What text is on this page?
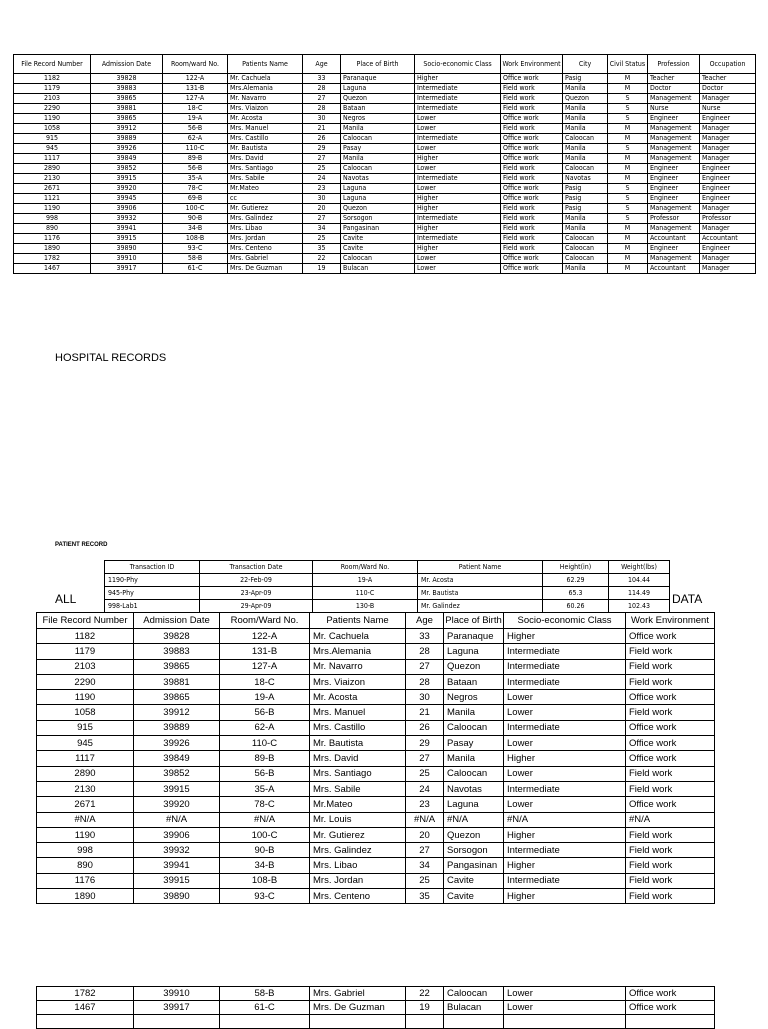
File Record Number	Admission Date	Room/ward No.	Patients Name	Age	Place of Birth	Socio-economic Class	Work Environment	City	Civil Status	Profession	Occupation
1182	39828	122-A	Mr. Cachuela	33	Paranaque	Higher	Office work	Pasig	M	Teacher	Teacher
1179	39883	131-B	Mrs.Alemania	28	Laguna	Intermediate	Field work	Manila	M	Doctor	Doctor
2103	39865	127-A	Mr. Navarro	27	Quezon	Intermediate	Field work	Quezon	S	Management	Manager
2290	39881	18-C	Mrs. Viaizon	28	Bataan	Intermediate	Field work	Manila	S	Nurse	Nurse
1190	39865	19-A	Mr. Acosta	30	Negros	Lower	Office work	Manila	S	Engineer	Engineer
1058	39912	56-B	Mrs. Manuel	21	Manila	Lower	Field work	Manila	M	Management	Manager
915	39889	62-A	Mrs. Castillo	26	Caloocan	Intermediate	Office work	Caloocan	M	Management	Manager
945	39926	110-C	Mr. Bautista	29	Pasay	Lower	Office work	Manila	S	Management	Manager
1117	39849	89-B	Mrs. David	27	Manila	Higher	Office work	Manila	M	Management	Manager
2890	39852	56-B	Mrs. Santiago	25	Caloocan	Lower	Field work	Caloocan	M	Engineer	Engineer
2130	39915	35-A	Mrs. Sabile	24	Navotas	Intermediate	Field work	Navotas	M	Engineer	Engineer
2671	39920	78-C	Mr.Mateo	23	Laguna	Lower	Office work	Pasig	S	Engineer	Engineer
1121	39945	69-B	cc	30	Laguna	Higher	Office work	Pasig	S	Engineer	Engineer
1190	39906	100-C	Mr. Gutierez	20	Quezon	Higher	Field work	Pasig	S	Management	Manager
998	39932	90-B	Mrs. Galindez	27	Sorsogon	Intermediate	Field work	Manila	S	Professor	Professor
890	39941	34-B	Mrs. Libao	34	Pangasinan	Higher	Field work	Manila	M	Management	Manager
1176	39915	108-B	Mrs. Jordan	25	Cavite	Intermediate	Field work	Caloocan	M	Accountant	Accountant
1890	39890	93-C	Mrs. Centeno	35	Cavite	Higher	Field work	Caloocan	M	Engineer	Engineer
1782	39910	58-B	Mrs. Gabriel	22	Caloocan	Lower	Office work	Caloocan	M	Management	Manager
1467	39917	61-C	Mrs. De Guzman	19	Bulacan	Lower	Office work	Manila	M	Accountant	Manager
HOSPITAL RECORDS
PATIENT RECORD
Transaction ID	Transaction Date	Room/Ward No.	Patient Name	Height(in)	Weight(lbs)
1190-Phy	22-Feb-09	19-A	Mr. Acosta	62.29	104.44
945-Phy	23-Apr-09	110-C	Mr. Bautista	65.3	114.49
998-Lab1	29-Apr-09	130-B	Mr. Galindez	60.26	102.43
ALL	DATA
File Record Number	Admission Date	Room/Ward No.	Patients Name	Age	Place of Birth	Socio-economic Class	Work Environment
1182	39828	122-A	Mr. Cachuela	33	Paranaque	Higher	Office work
1179	39883	131-B	Mrs.Alemania	28	Laguna	Intermediate	Field work
2103	39865	127-A	Mr. Navarro	27	Quezon	Intermediate	Field work
2290	39881	18-C	Mrs. Viaizon	28	Bataan	Intermediate	Field work
1190	39865	19-A	Mr. Acosta	30	Negros	Lower	Office work
1058	39912	56-B	Mrs. Manuel	21	Manila	Lower	Field work
915	39889	62-A	Mrs. Castillo	26	Caloocan	Intermediate	Office work
945	39926	110-C	Mr. Bautista	29	Pasay	Lower	Office work
1117	39849	89-B	Mrs. David	27	Manila	Higher	Office work
2890	39852	56-B	Mrs. Santiago	25	Caloocan	Lower	Field work
2130	39915	35-A	Mrs. Sabile	24	Navotas	Intermediate	Field work
2671	39920	78-C	Mr.Mateo	23	Laguna	Lower	Office work
#N/A	#N/A	#N/A	Mr. Louis	#N/A	#N/A	#N/A	#N/A
1190	39906	100-C	Mr. Gutierez	20	Quezon	Higher	Field work
998	39932	90-B	Mrs. Galindez	27	Sorsogon	Intermediate	Field work
890	39941	34-B	Mrs. Libao	34	Pangasinan	Higher	Field work
1176	39915	108-B	Mrs. Jordan	25	Cavite	Intermediate	Field work
1890	39890	93-C	Mrs. Centeno	35	Cavite	Higher	Field work
1782	39910	58-B	Mrs. Gabriel	22	Caloocan	Lower	Office work
1467	39917	61-C	Mrs. De Guzman	19	Bulacan	Lower	Office work
